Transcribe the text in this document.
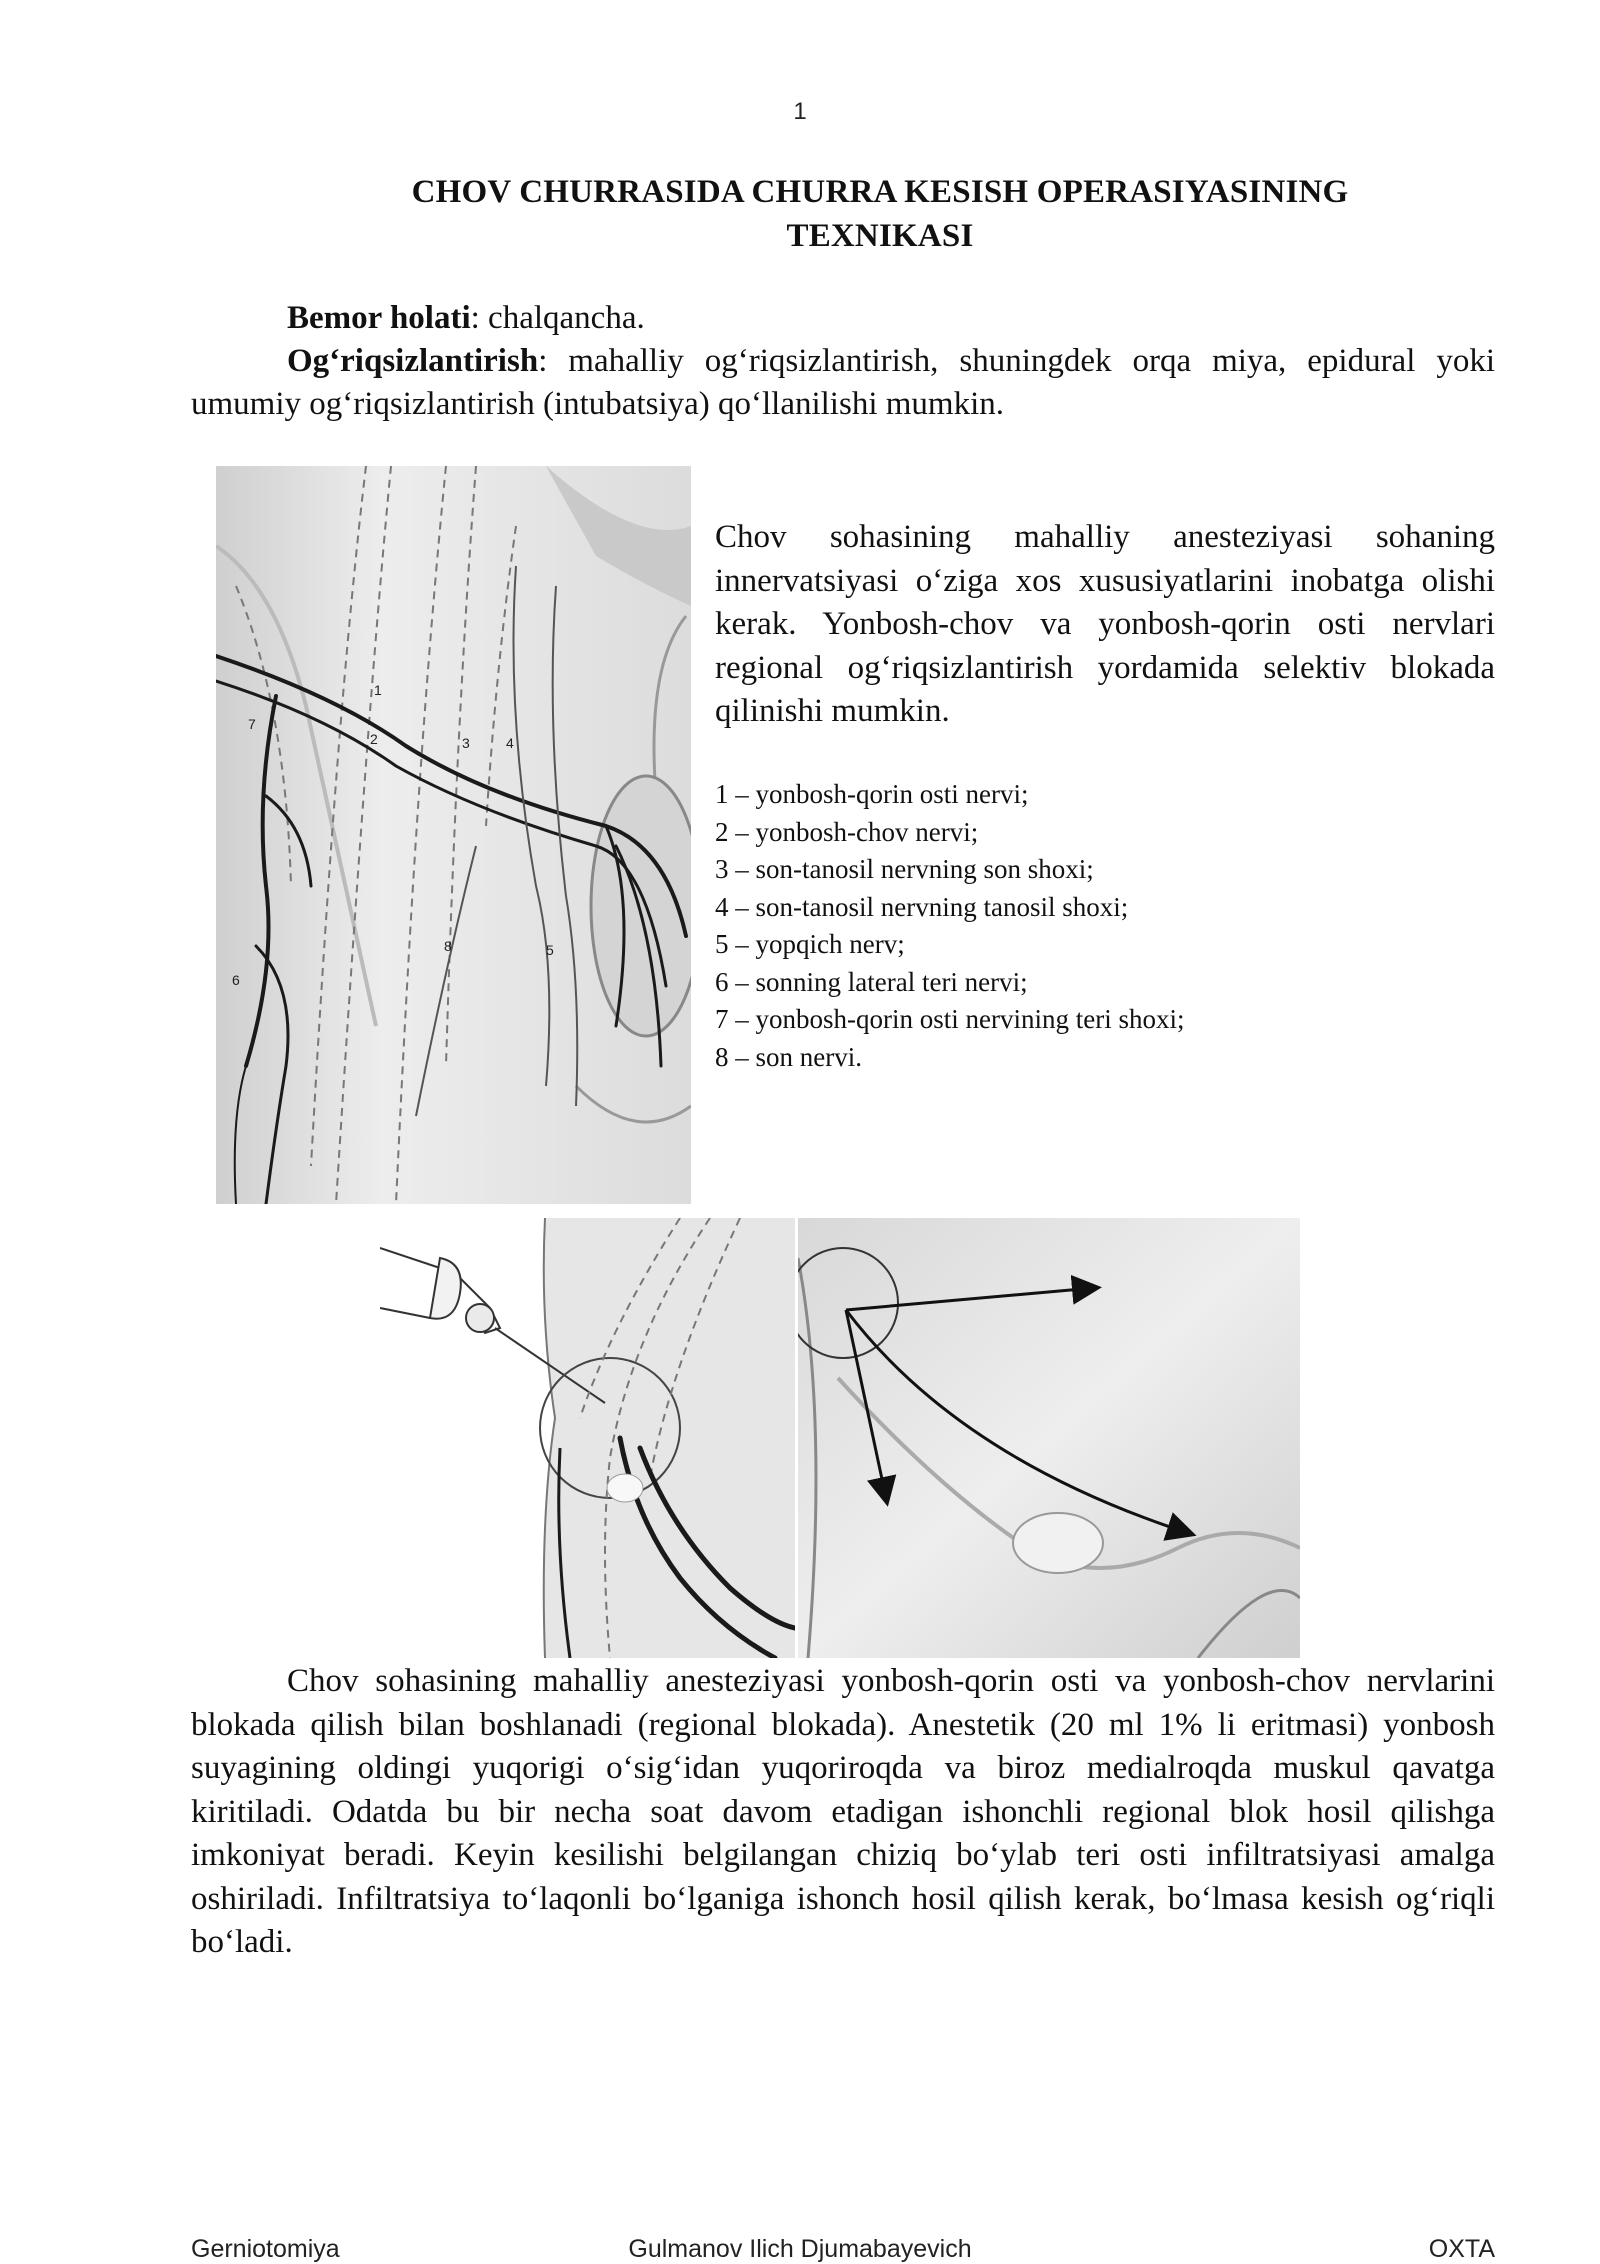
1
CHOV CHURRASIDA CHURRA KESISH OPERASIYASINING
TEXNIKASI
Bemor holati: chalqancha.
Og‘riqsizlantirish: mahalliy og‘riqsizlantirish, shuningdek orqa miya, epidural yoki umumiy og‘riqsizlantirish (intubatsiya) qo‘llanilishi mumkin.
1
2	3	4
5
6
7
8
Chov sohasining mahalliy anesteziyasi sohaning innervatsiyasi o‘ziga xos xususiyatlarini inobatga olishi kerak. Yonbosh-chov va yonbosh-qorin osti nervlari regional og‘riqsizlantirish yordamida selektiv blokada qilinishi mumkin.
1 – yonbosh-qorin osti nervi;
2 – yonbosh-chov nervi;
3 – son-tanosil nervning son shoxi;
4 – son-tanosil nervning tanosil shoxi;
5 – yopqich nerv;
6 – sonning lateral teri nervi;
7 – yonbosh-qorin osti nervining teri shoxi;
8 – son nervi.
Chov sohasining mahalliy anesteziyasi yonbosh-qorin osti va yonbosh-chov nervlarini blokada qilish bilan boshlanadi (regional blokada). Anestetik (20 ml 1% li eritmasi) yonbosh suyagining oldingi yuqorigi o‘sig‘idan yuqoriroqda va biroz medialroqda muskul qavatga kiritiladi. Odatda bu bir necha soat davom etadigan ishonchli regional blok hosil qilishga imkoniyat beradi. Keyin kesilishi belgilangan chiziq bo‘ylab teri osti infiltratsiyasi amalga oshiriladi. Infiltratsiya to‘laqonli bo‘lganiga ishonch hosil qilish kerak, bo‘lmasa kesish og‘riqli bo‘ladi.
Gerniotomiya	Gulmanov Ilich Djumabayevich	OXTA
